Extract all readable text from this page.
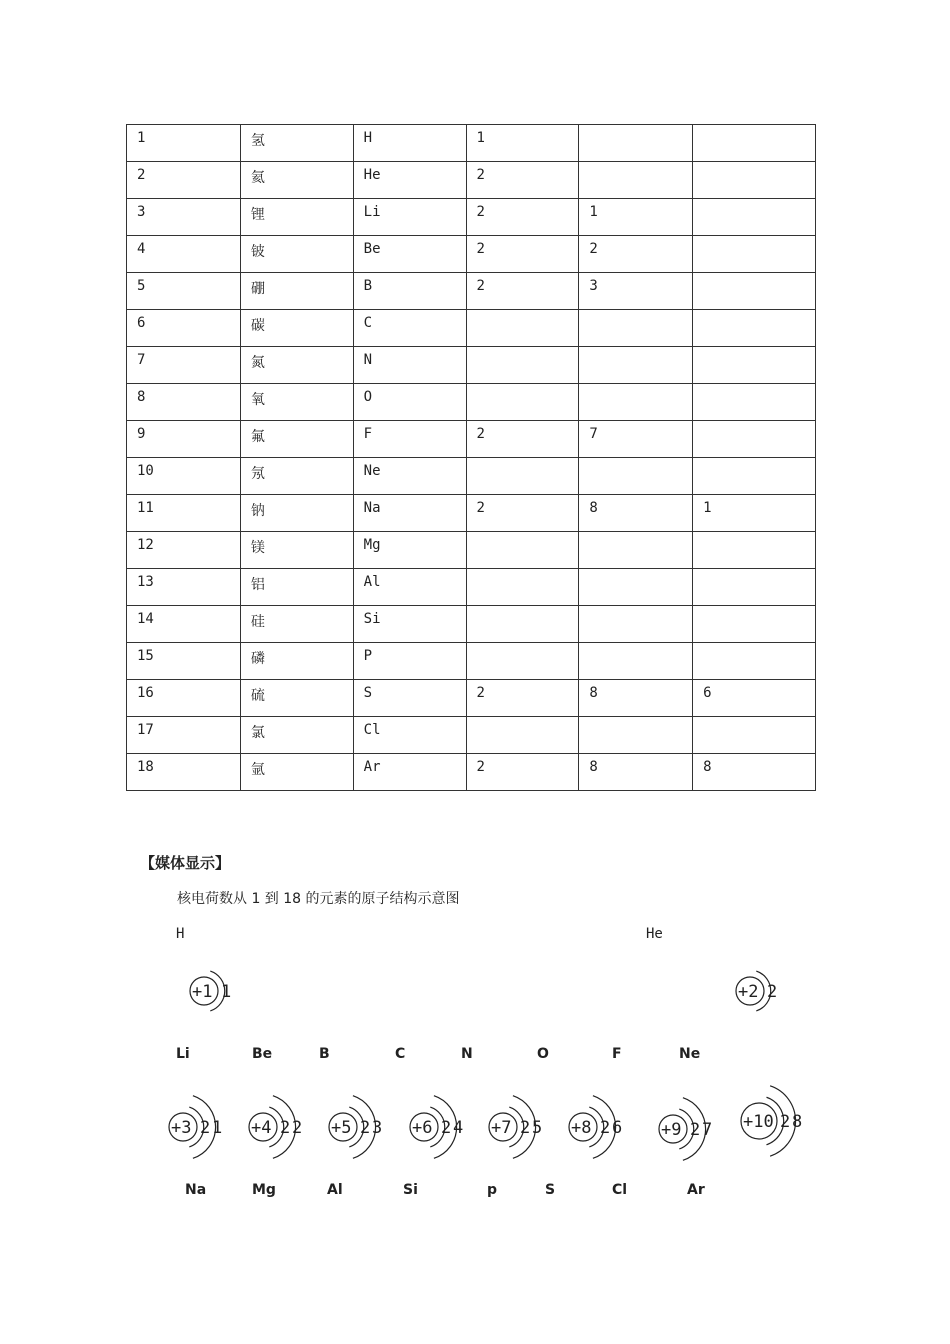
1	氢	H	1		
2	氦	He	2		
3	锂	Li	2	1	
4	铍	Be	2	2	
5	硼	B	2	3	
6	碳	C			
7	氮	N			
8	氧	O			
9	氟	F	2	7	
10	氖	Ne			
11	钠	Na	2	8	1
12	镁	Mg			
13	铝	Al			
14	硅	Si			
15	磷	P			
16	硫	S	2	8	6
17	氯	Cl			
18	氩	Ar	2	8	8
【媒体显示】
核电荷数从 1 到 18 的元素的原子结构示意图
H	He
Li	Be	B	C	N	O	F	Ne
Na	Mg	Al	Si	p	S	Cl	Ar
+1 1	+2 2
+3 2 1 +4 2 2 +5 2 3 +6 2 4 +7 2 5 +8 2 6 +9 2 7 +10 2 8
